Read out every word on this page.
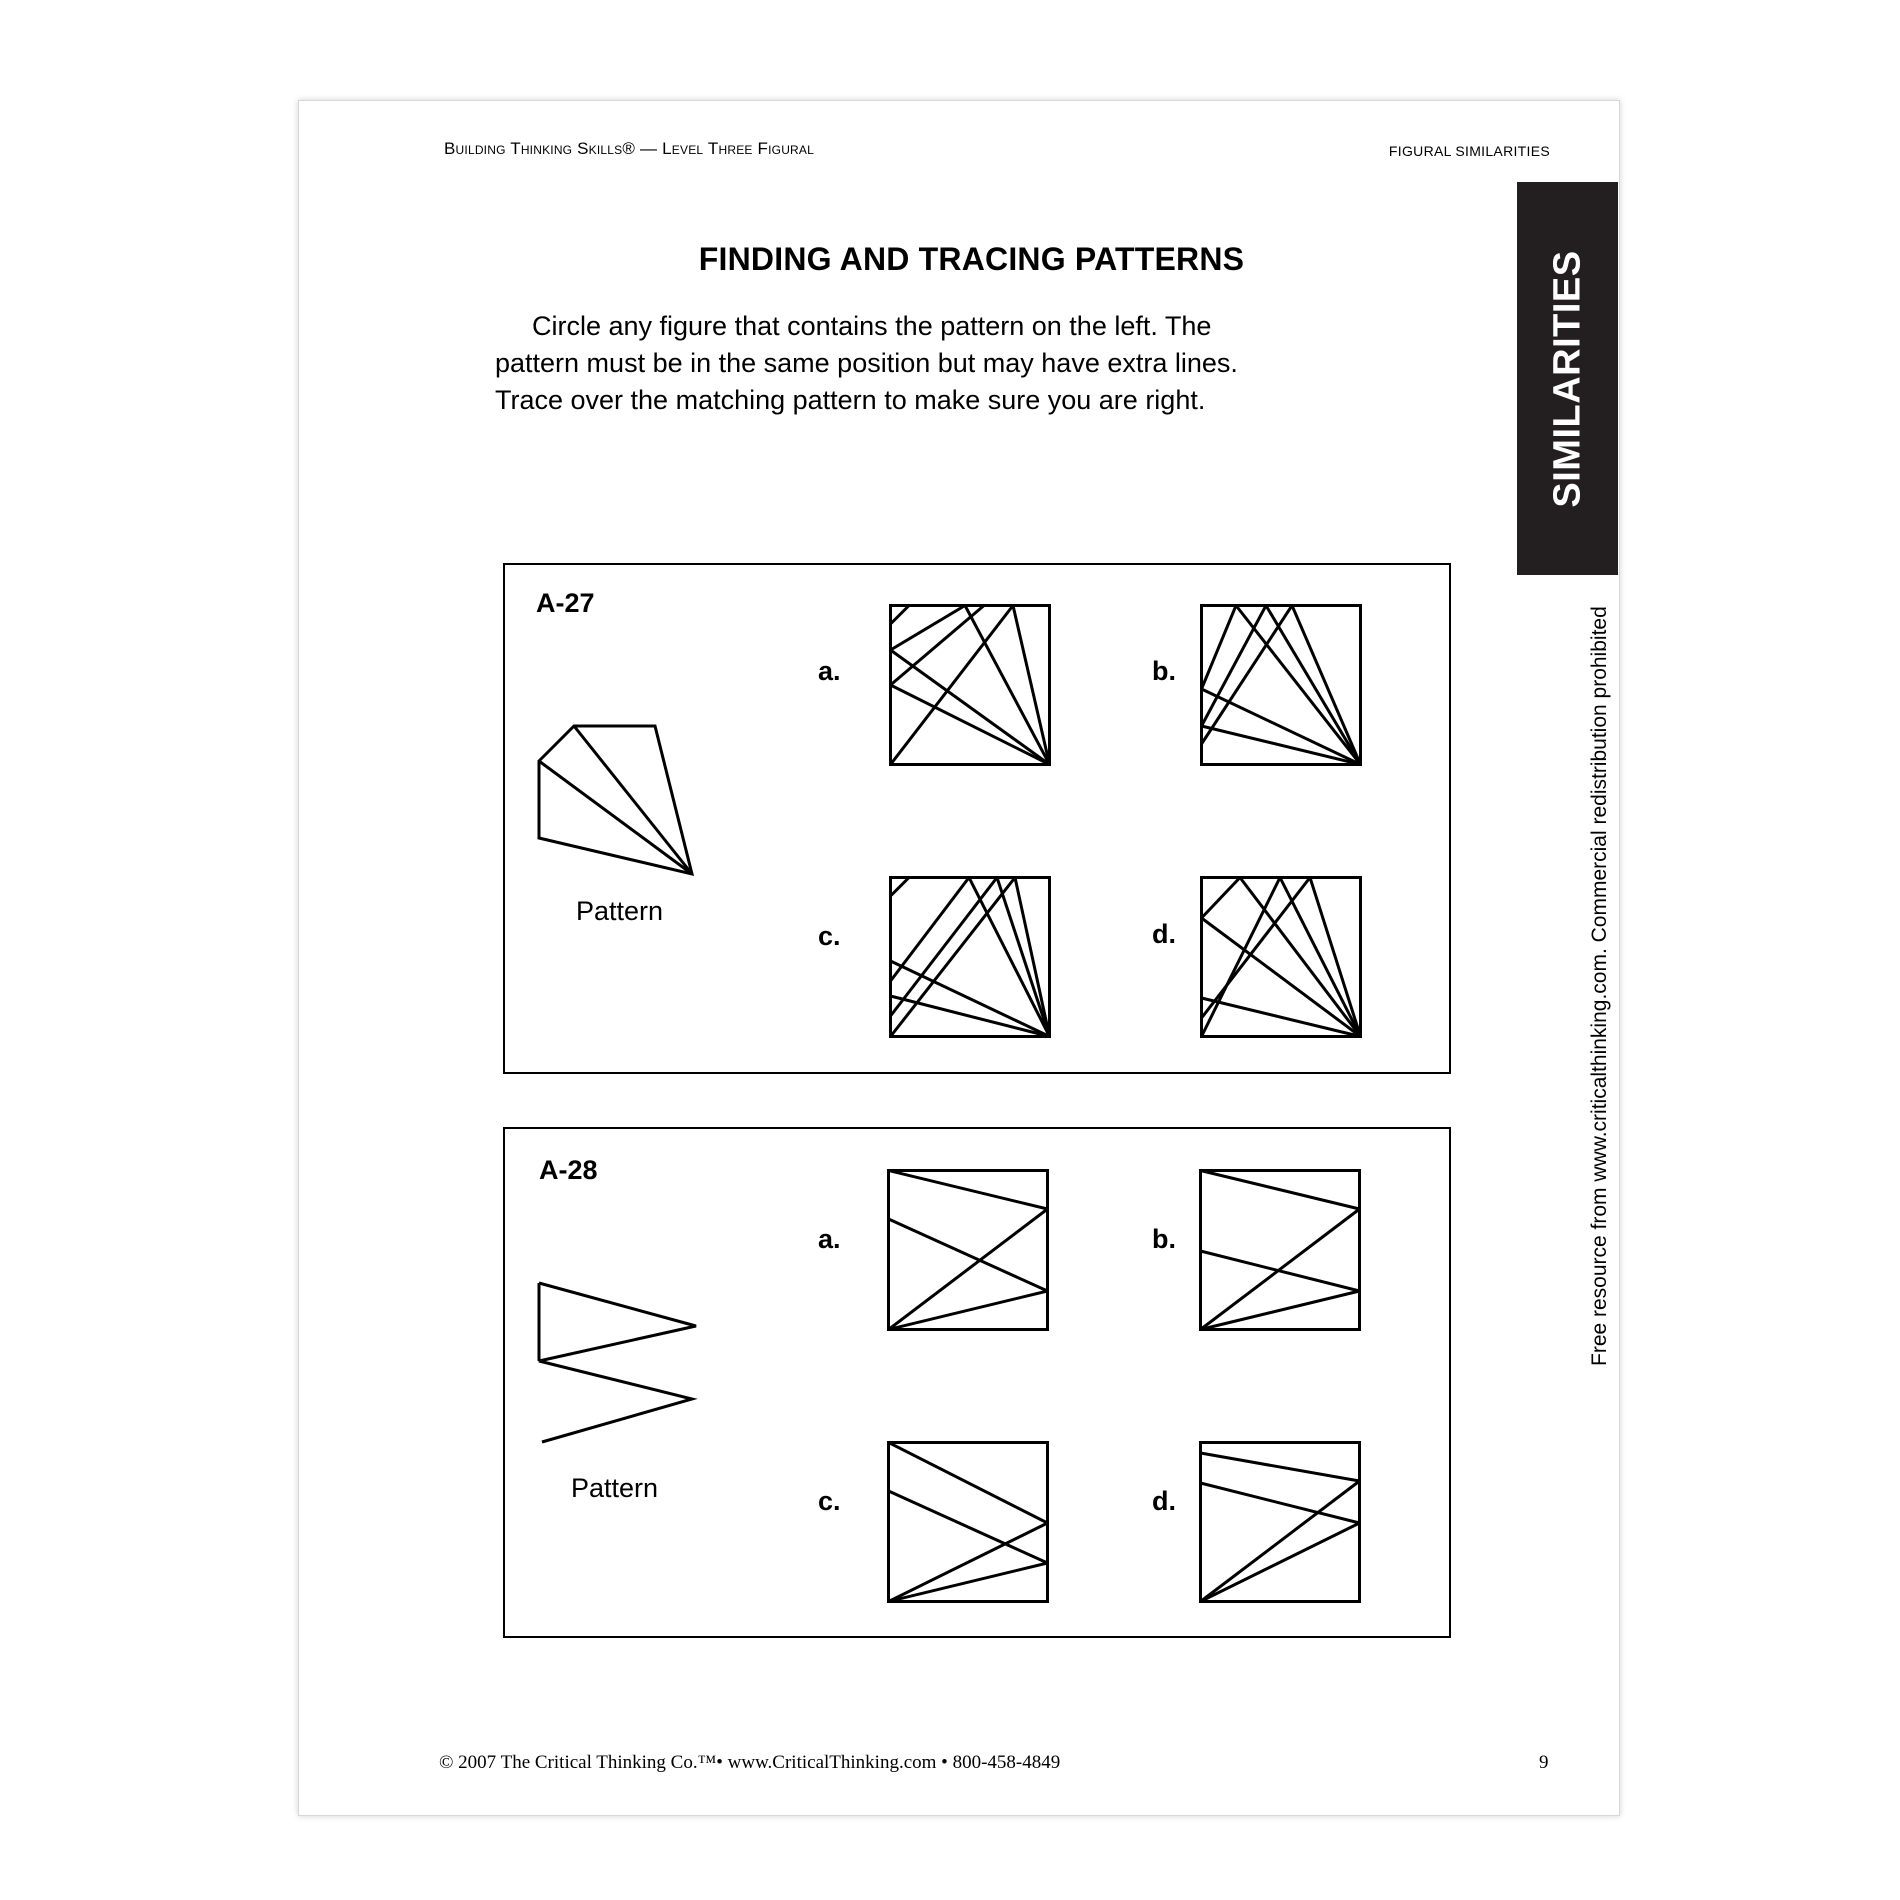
Building Thinking Skills® — Level Three Figural	FIGURAL SIMILARITIES
SIMILARITIES
Free resource from www.criticalthinking.com. Commercial redistribution prohibited
FINDING AND TRACING PATTERNS
Circle any figure that contains the pattern on the left. The
pattern must be in the same position but may have extra lines.
Trace over the matching pattern to make sure you are right.
A-27
Pattern
a.	b.
c.	d.
A-28
Pattern
a.	b.
c.	d.
© 2007 The Critical Thinking Co.™• www.CriticalThinking.com • 800-458-4849	9
